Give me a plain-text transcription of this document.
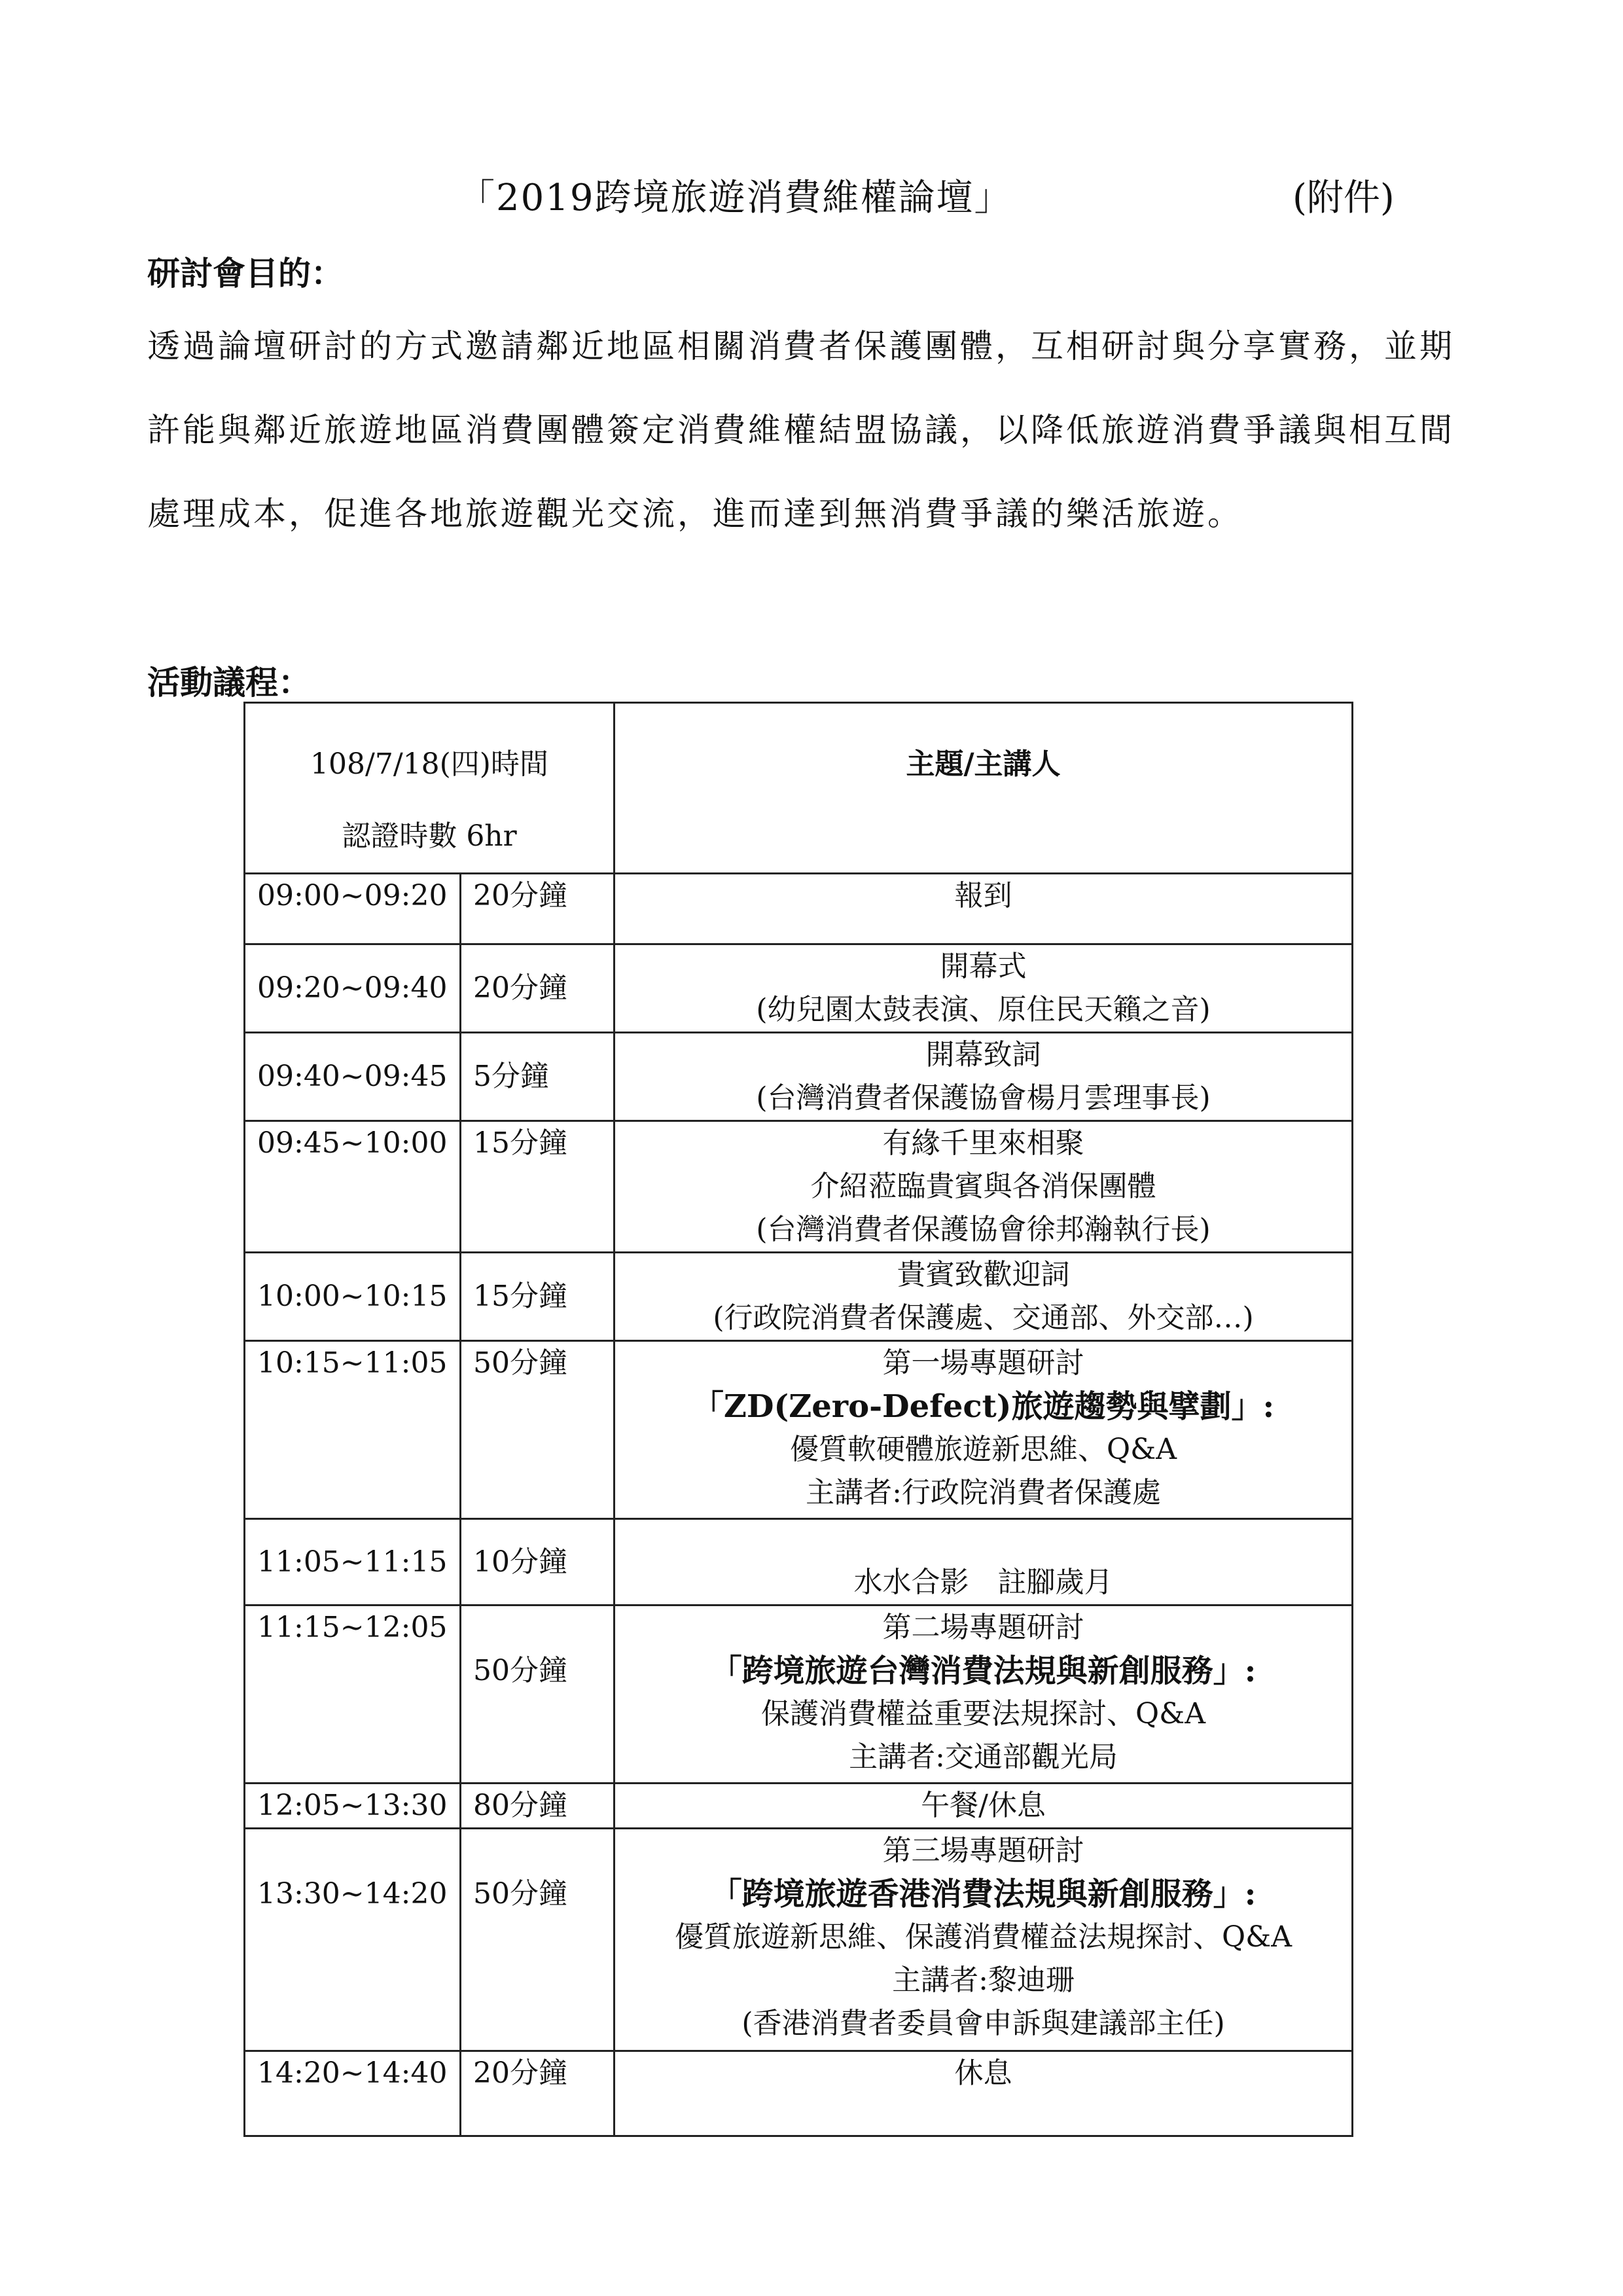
「2019跨境旅遊消費維權論壇」	(附件)
研討會目的：
透過論壇研討的方式邀請鄰近地區相關消費者保護團體，互相研討與分享實務，並期許能與鄰近旅遊地區消費團體簽定消費維權結盟協議，以降低旅遊消費爭議與相互間處理成本，促進各地旅遊觀光交流，進而達到無消費爭議的樂活旅遊。
活動議程：
108/7/18(四)時間
認證時數 6hr		主題/主講人

09:00~09:20	20分鐘	報到

09:20~09:40	20分鐘	開幕式
(幼兒園太鼓表演、原住民天籟之音)

09:40~09:45	5分鐘	開幕致詞
(台灣消費者保護協會楊月雲理事長)

09:45~10:00	15分鐘	有緣千里來相聚
介紹蒞臨貴賓與各消保團體
(台灣消費者保護協會徐邦瀚執行長)

10:00~10:15	15分鐘	貴賓致歡迎詞
(行政院消費者保護處、交通部、外交部…)

10:15~11:05	50分鐘	第一場專題研討
「ZD(Zero-Defect)旅遊趨勢與擘劃」:
優質軟硬體旅遊新思維、Q&A
主講者:行政院消費者保護處

11:05~11:15	10分鐘	水水合影　註腳歲月

11:15~12:05	50分鐘	第二場專題研討
「跨境旅遊台灣消費法規與新創服務」:
保護消費權益重要法規探討、Q&A
主講者:交通部觀光局

12:05~13:30	80分鐘	午餐/休息

13:30~14:20	50分鐘	第三場專題研討
「跨境旅遊香港消費法規與新創服務」:
優質旅遊新思維、保護消費權益法規探討、Q&A
主講者:黎迪珊
(香港消費者委員會申訴與建議部主任)

14:20~14:40	20分鐘	休息
